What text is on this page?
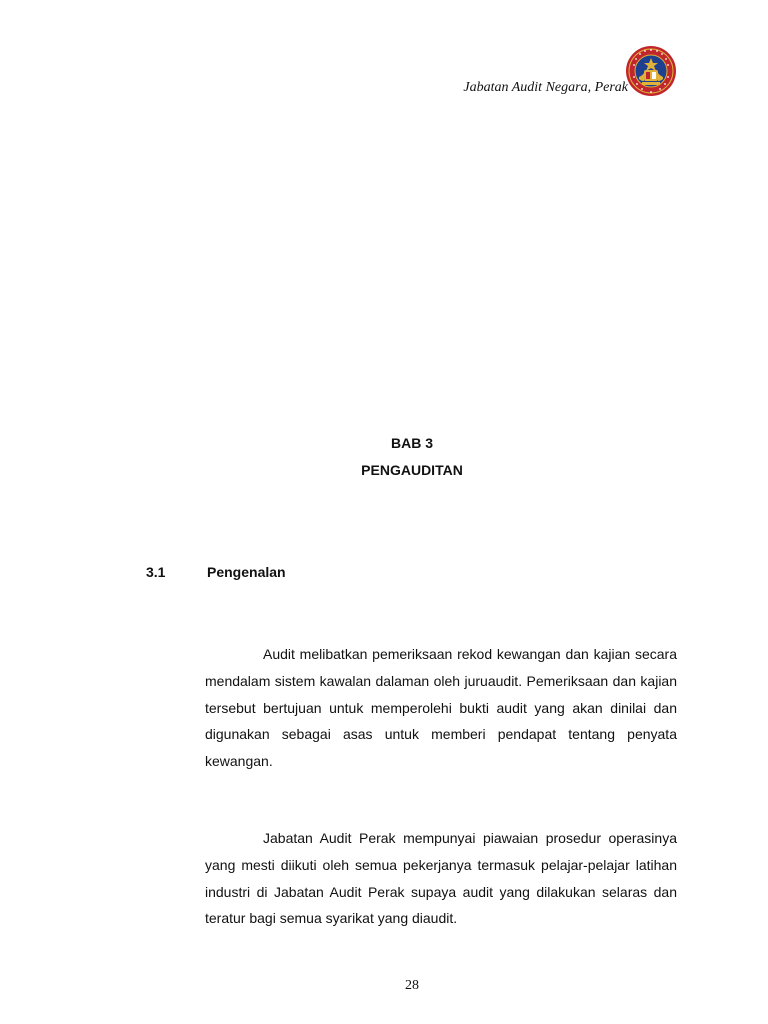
Jabatan Audit Negara, Perak
BAB 3
PENGAUDITAN
3.1	Pengenalan

Audit melibatkan pemeriksaan rekod kewangan dan kajian secara mendalam sistem kawalan dalaman oleh juruaudit. Pemeriksaan dan kajian tersebut bertujuan untuk memperolehi bukti audit yang akan dinilai dan digunakan sebagai asas untuk memberi pendapat tentang penyata kewangan.

Jabatan Audit Perak mempunyai piawaian prosedur operasinya yang mesti diikuti oleh semua pekerjanya termasuk pelajar-pelajar latihan industri di Jabatan Audit Perak supaya audit yang dilakukan selaras dan teratur bagi semua syarikat yang diaudit.

28
